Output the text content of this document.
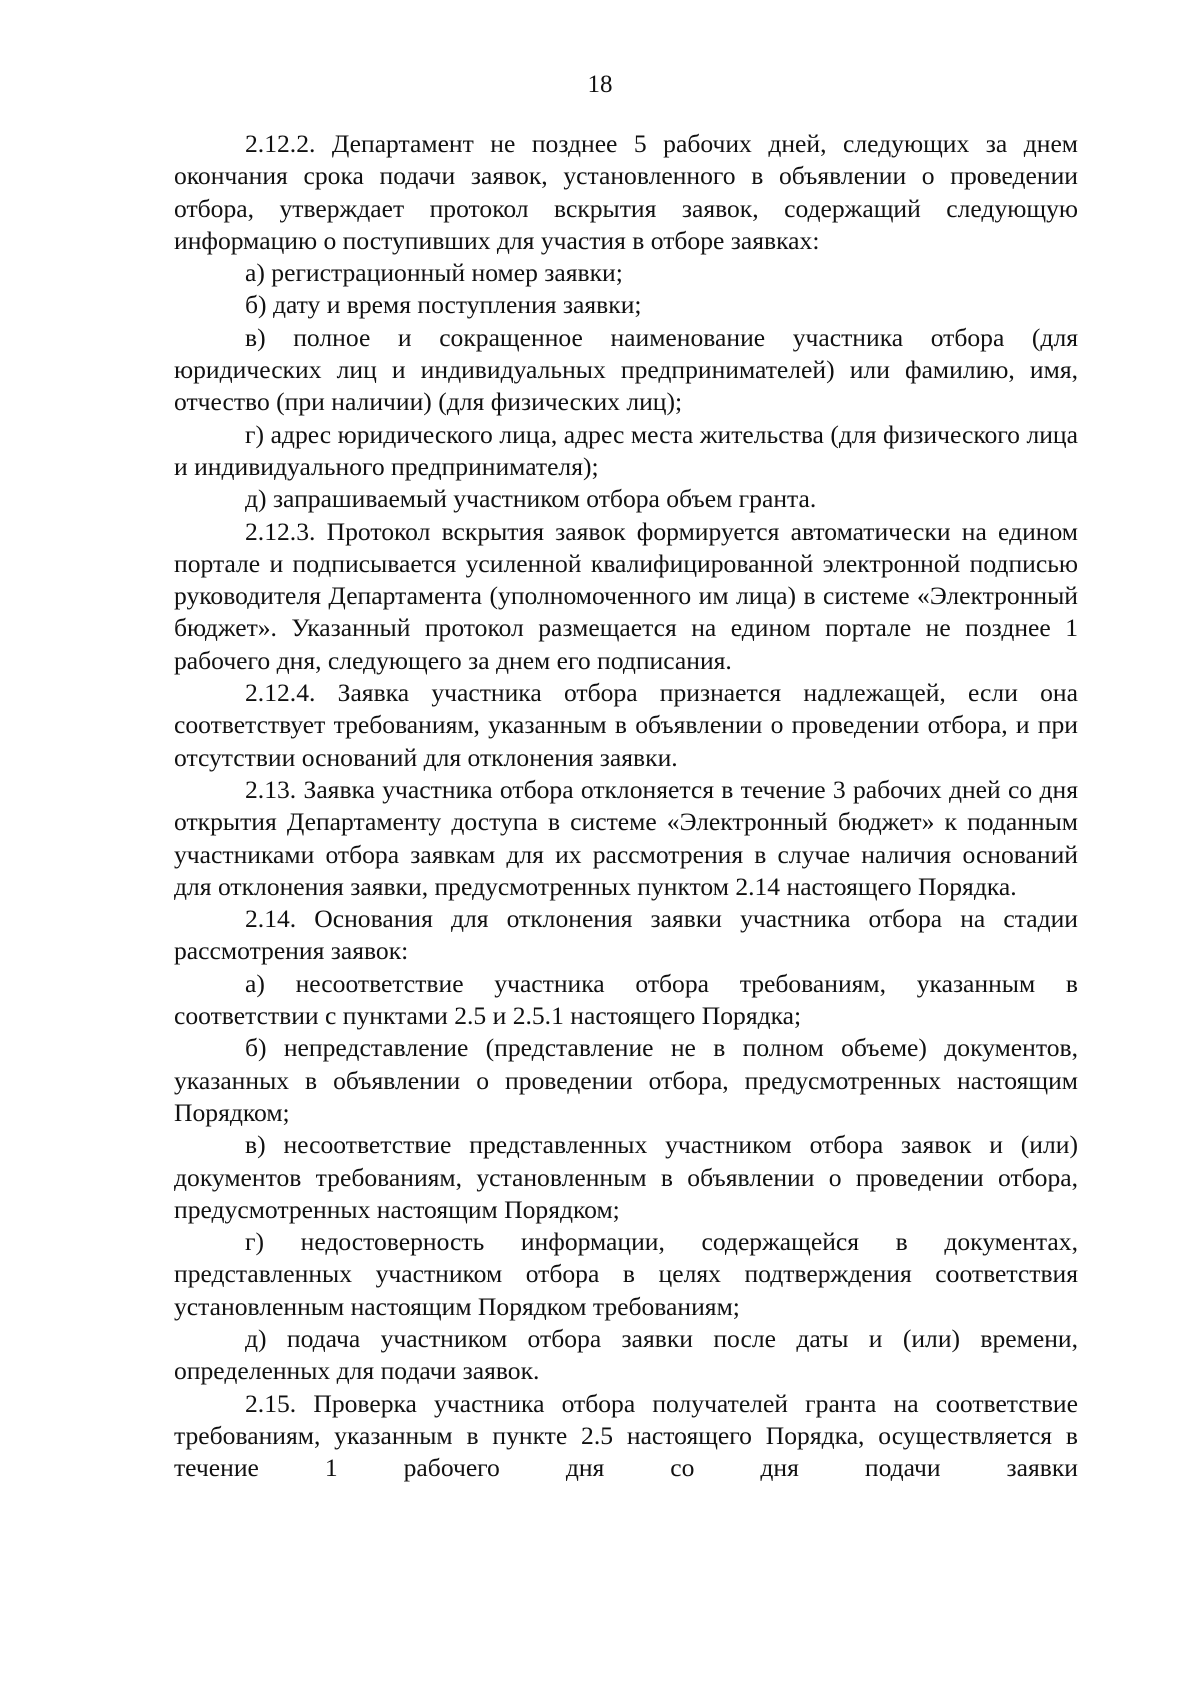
18

2.12.2. Департамент не позднее 5 рабочих дней, следующих за днем окончания срока подачи заявок, установленного в объявлении о проведении отбора, утверждает протокол вскрытия заявок, содержащий следующую информацию о поступивших для участия в отборе заявках:

а) регистрационный номер заявки;

б) дату и время поступления заявки;

в) полное и сокращенное наименование участника отбора (для юридических лиц и индивидуальных предпринимателей) или фамилию, имя, отчество (при наличии) (для физических лиц);

г) адрес юридического лица, адрес места жительства (для физического лица и индивидуального предпринимателя);

д) запрашиваемый участником отбора объем гранта.

2.12.3. Протокол вскрытия заявок формируется автоматически на едином портале и подписывается усиленной квалифицированной электронной подписью руководителя Департамента (уполномоченного им лица) в системе «Электронный бюджет». Указанный протокол размещается на едином портале не позднее 1 рабочего дня, следующего за днем его подписания.

2.12.4. Заявка участника отбора признается надлежащей, если она соответствует требованиям, указанным в объявлении о проведении отбора, и при отсутствии оснований для отклонения заявки.

2.13. Заявка участника отбора отклоняется в течение 3 рабочих дней со дня открытия Департаменту доступа в системе «Электронный бюджет» к поданным участниками отбора заявкам для их рассмотрения в случае наличия оснований для отклонения заявки, предусмотренных пунктом 2.14 настоящего Порядка.

2.14. Основания для отклонения заявки участника отбора на стадии рассмотрения заявок:

а) несоответствие участника отбора требованиям, указанным в соответствии с пунктами 2.5 и 2.5.1 настоящего Порядка;

б) непредставление (представление не в полном объеме) документов, указанных в объявлении о проведении отбора, предусмотренных настоящим Порядком;

в) несоответствие представленных участником отбора заявок и (или) документов требованиям, установленным в объявлении о проведении отбора, предусмотренных настоящим Порядком;

г) недостоверность информации, содержащейся в документах, представленных участником отбора в целях подтверждения соответствия установленным настоящим Порядком требованиям;

д) подача участником отбора заявки после даты и (или) времени, определенных для подачи заявок.

2.15. Проверка участника отбора получателей гранта на соответствие требованиям, указанным в пункте 2.5 настоящего Порядка, осуществляется в течение 1 рабочего дня со дня подачи заявки
